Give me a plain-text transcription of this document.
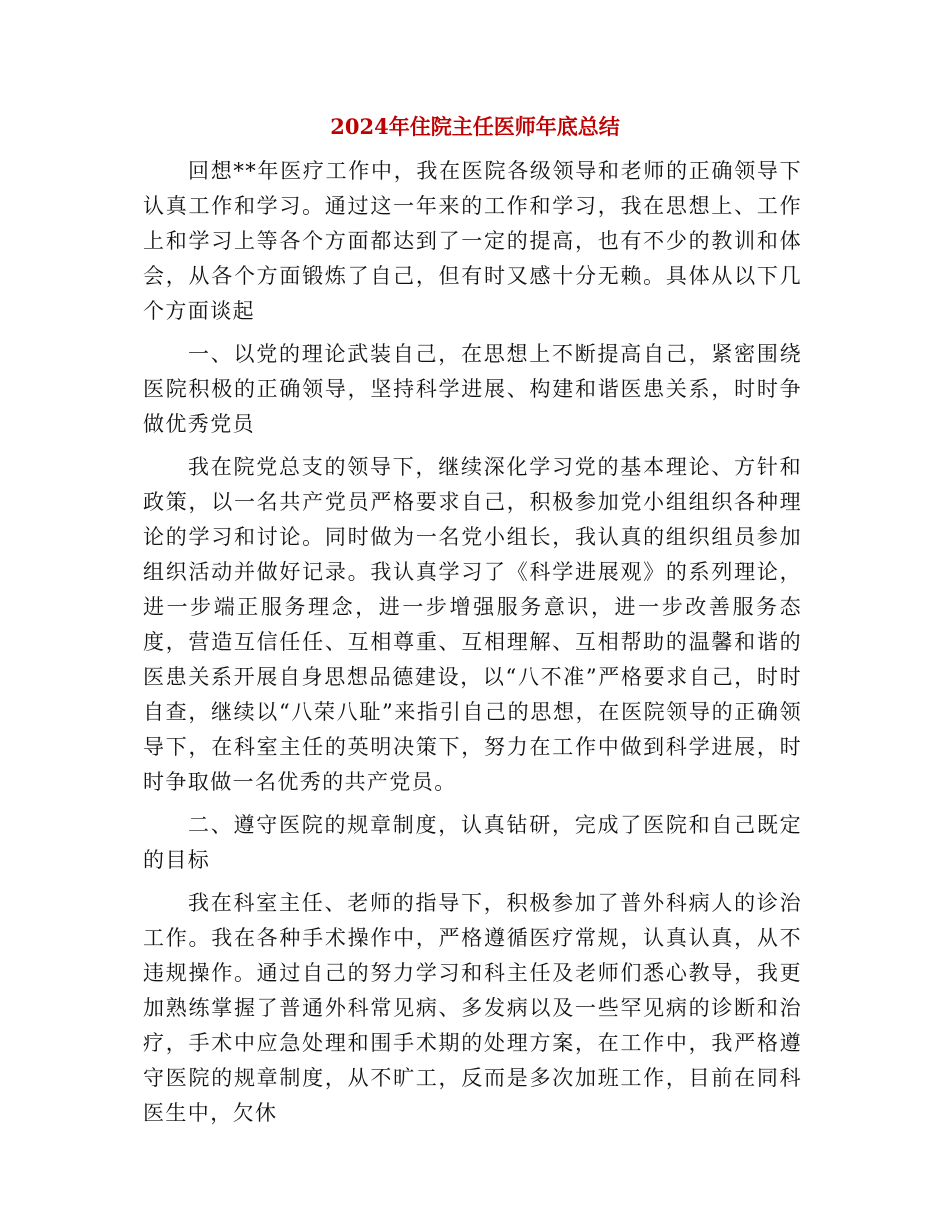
2024年住院主任医师年底总结

回想**年医疗工作中，我在医院各级领导和老师的正确领导下认真工作和学习。通过这一年来的工作和学习，我在思想上、工作上和学习上等各个方面都达到了一定的提高，也有不少的教训和体会，从各个方面锻炼了自己，但有时又感十分无赖。具体从以下几个方面谈起

一、以党的理论武装自己，在思想上不断提高自己，紧密围绕医院积极的正确领导，坚持科学进展、构建和谐医患关系，时时争做优秀党员

我在院党总支的领导下，继续深化学习党的基本理论、方针和政策，以一名共产党员严格要求自己，积极参加党小组组织各种理论的学习和讨论。同时做为一名党小组长，我认真的组织组员参加组织活动并做好记录。我认真学习了《科学进展观》的系列理论，进一步端正服务理念，进一步增强服务意识，进一步改善服务态度，营造互信任任、互相尊重、互相理解、互相帮助的温馨和谐的医患关系开展自身思想品德建设，以“八不准”严格要求自己，时时自查，继续以“八荣八耻”来指引自己的思想，在医院领导的正确领导下，在科室主任的英明决策下，努力在工作中做到科学进展，时时争取做一名优秀的共产党员。

二、遵守医院的规章制度，认真钻研，完成了医院和自己既定的目标

我在科室主任、老师的指导下，积极参加了普外科病人的诊治工作。我在各种手术操作中，严格遵循医疗常规，认真认真，从不违规操作。通过自己的努力学习和科主任及老师们悉心教导，我更加熟练掌握了普通外科常见病、多发病以及一些罕见病的诊断和治疗，手术中应急处理和围手术期的处理方案，在工作中，我严格遵守医院的规章制度，从不旷工，反而是多次加班工作，目前在同科医生中，欠休
